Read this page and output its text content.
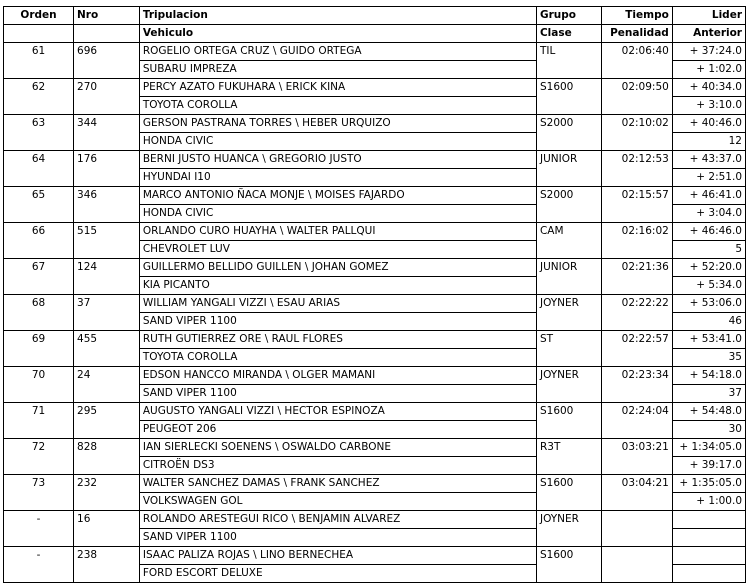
Orden	Nro	Tripulacion	Grupo	Tiempo	Lider
		Vehiculo	Clase	Penalidad	Anterior
61	696	ROGELIO ORTEGA CRUZ \ GUIDO ORTEGA	TIL	02:06:40	+ 37:24.0
		SUBARU IMPREZA			+ 1:02.0
62	270	PERCY AZATO FUKUHARA \ ERICK KINA	S1600	02:09:50	+ 40:34.0
		TOYOTA COROLLA			+ 3:10.0
63	344	GERSON PASTRANA TORRES \ HEBER URQUIZO	S2000	02:10:02	+ 40:46.0
		HONDA CIVIC			12
64	176	BERNI JUSTO HUANCA \ GREGORIO JUSTO	JUNIOR	02:12:53	+ 43:37.0
		HYUNDAI I10			+ 2:51.0
65	346	MARCO ANTONIO ÑACA MONJE \ MOISES FAJARDO	S2000	02:15:57	+ 46:41.0
		HONDA CIVIC			+ 3:04.0
66	515	ORLANDO CURO HUAYHA \ WALTER PALLQUI	CAM	02:16:02	+ 46:46.0
		CHEVROLET LUV			5
67	124	GUILLERMO BELLIDO GUILLEN \ JOHAN GOMEZ	JUNIOR	02:21:36	+ 52:20.0
		KIA PICANTO			+ 5:34.0
68	37	WILLIAM YANGALI VIZZI \ ESAU ARIAS	JOYNER	02:22:22	+ 53:06.0
		SAND VIPER 1100			46
69	455	RUTH GUTIERREZ ORE \ RAUL FLORES	ST	02:22:57	+ 53:41.0
		TOYOTA COROLLA			35
70	24	EDSON HANCCO MIRANDA \ OLGER MAMANI	JOYNER	02:23:34	+ 54:18.0
		SAND VIPER 1100			37
71	295	AUGUSTO YANGALI VIZZI \ HECTOR ESPINOZA	S1600	02:24:04	+ 54:48.0
		PEUGEOT 206			30
72	828	IAN SIERLECKI SOENENS \ OSWALDO CARBONE	R3T	03:03:21	+ 1:34:05.0
		CITROËN DS3			+ 39:17.0
73	232	WALTER SANCHEZ DAMAS \ FRANK SANCHEZ	S1600	03:04:21	+ 1:35:05.0
		VOLKSWAGEN GOL			+ 1:00.0
-	16	ROLANDO ARESTEGUI RICO \ BENJAMIN ALVAREZ	JOYNER		
		SAND VIPER 1100			
-	238	ISAAC PALIZA ROJAS \ LINO BERNECHEA	S1600		
		FORD ESCORT DELUXE			
